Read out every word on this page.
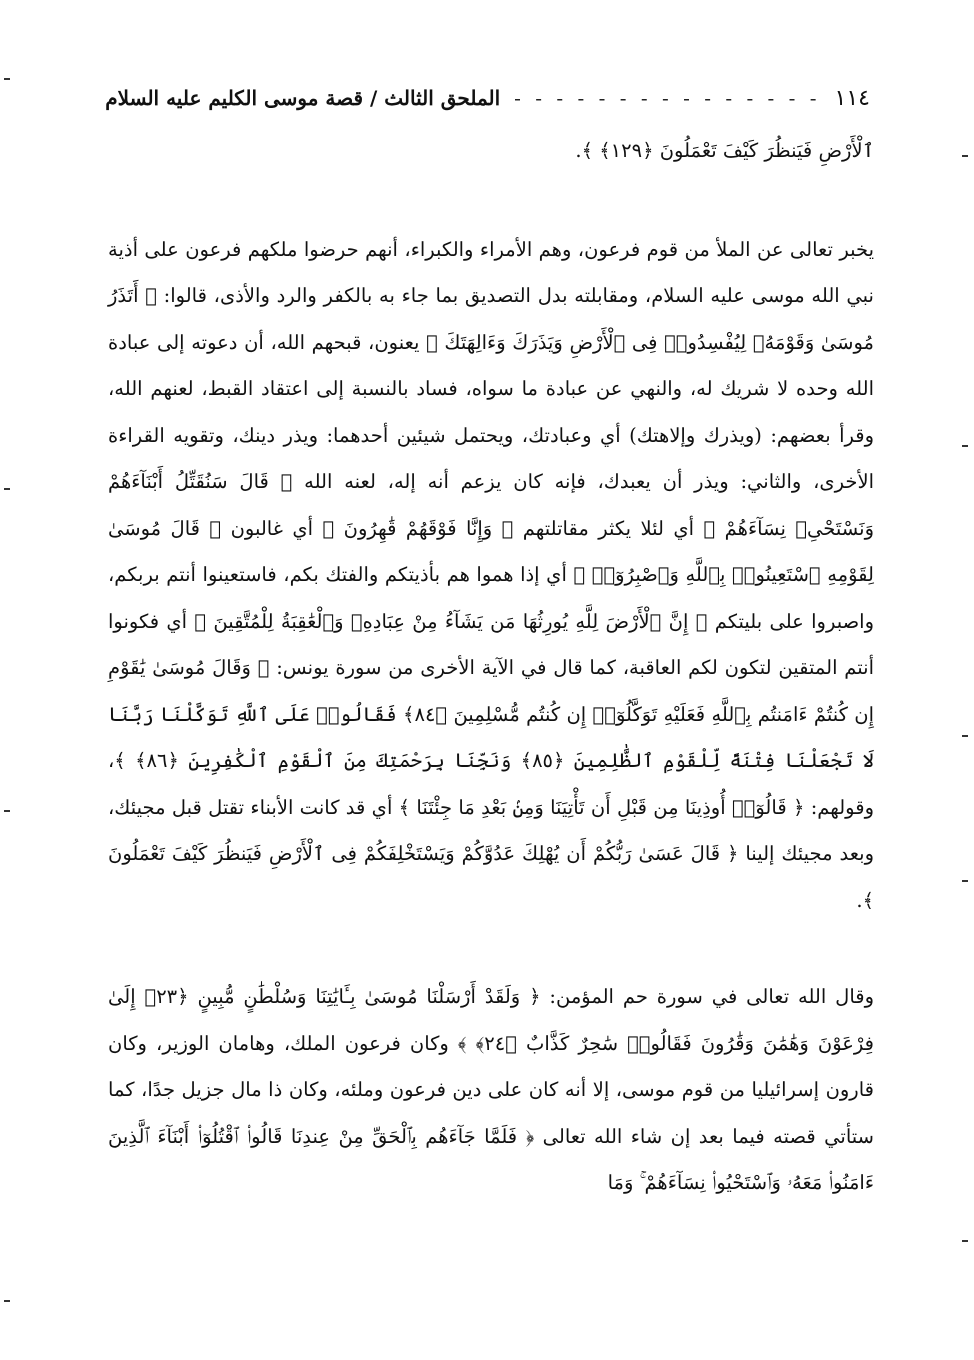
١١٤
- - - - - - - - - - - - - - -
الملحق الثالث / قصة موسى الكليم عليه السلام

ٱلْأَرْضِ فَيَنظُرَ كَيْفَ تَعْمَلُونَ ﴿١٢٩﴾ ﴾.

يخبر تعالى عن الملأ من قوم فرعون، وهم الأمراء والكبراء، أنهم حرضوا ملكهم فرعون على أذية نبي الله موسى عليه السلام، ومقابلته بدل التصديق بما جاء به بالكفر والرد والأذى، قالوا: ﴿ أَتَذَرُ مُوسَىٰ وَقَوْمَهُۥ لِيُفْسِدُوا۟ فِى ٱلْأَرْضِ وَيَذَرَكَ وَءَالِهَتَكَ ﴾ يعنون، قبحهم الله، أن دعوته إلى عبادة الله وحده لا شريك له، والنهي عن عبادة ما سواه، فساد بالنسبة إلى اعتقاد القبط، لعنهم الله، وقرأ بعضهم: (ويذرك وإلاهتك) أي وعبادتك، ويحتمل شيئين أحدهما: ويذر دينك، وتقويه القراءة الأخرى، والثاني: ويذر أن يعبدك، فإنه كان يزعم أنه إله، لعنه الله ﴿ قَالَ سَنُقَتِّلُ أَبْنَآءَهُمْ وَنَسْتَحْىِۦ نِسَآءَهُمْ ﴾ أي لئلا يكثر مقاتلتهم ﴿ وَإِنَّا فَوْقَهُمْ قَٰهِرُونَ ﴾ أي غالبون ﴿ قَالَ مُوسَىٰ لِقَوْمِهِ ٱسْتَعِينُوا۟ بِٱللَّهِ وَٱصْبِرُوٓا۟ ﴾ أي إذا هموا هم بأذيتكم والفتك بكم، فاستعينوا أنتم بربكم، واصبروا على بليتكم ﴿ إِنَّ ٱلْأَرْضَ لِلَّهِ يُورِثُهَا مَن يَشَآءُ مِنْ عِبَادِهِۦ وَٱلْعَٰقِبَةُ لِلْمُتَّقِينَ ﴾ أي فكونوا أنتم المتقين لتكون لكم العاقبة، كما قال في الآية الأخرى من سورة يونس: ﴿ وَقَالَ مُوسَىٰ يَٰقَوْمِ إِن كُنتُمْ ءَامَنتُم بِٱللَّهِ فَعَلَيْهِ تَوَكَّلُوٓا۟ إِن كُنتُم مُّسْلِمِينَ ﴿٨٤﴾ فَقَالُوا۟ عَلَى ٱللَّهِ تَوَكَّلْنَا رَبَّنَا لَا تَجْعَلْنَا فِتْنَةً لِّلْقَوْمِ ٱلظَّٰلِمِينَ ﴿٨٥﴾ وَنَجِّنَا بِرَحْمَتِكَ مِنَ ٱلْقَوْمِ ٱلْكَٰفِرِينَ ﴿٨٦﴾ ﴾، وقولهم: ﴿ قَالُوٓا۟ أُوذِينَا مِن قَبْلِ أَن تَأْتِيَنَا وَمِنۢ بَعْدِ مَا جِئْتَنَا ﴾ أي قد كانت الأبناء تقتل قبل مجيئك، وبعد مجيئك إلينا ﴿ قَالَ عَسَىٰ رَبُّكُمْ أَن يُهْلِكَ عَدُوَّكُمْ وَيَسْتَخْلِفَكُمْ فِى ٱلْأَرْضِ فَيَنظُرَ كَيْفَ تَعْمَلُونَ ﴾.

وقال الله تعالى في سورة حم المؤمن: ﴿ وَلَقَدْ أَرْسَلْنَا مُوسَىٰ بِـَٔايَٰتِنَا وَسُلْطَٰنٍ مُّبِينٍ ﴿٢٣﴾ إِلَىٰ فِرْعَوْنَ وَهَٰمَٰنَ وَقَٰرُونَ فَقَالُوا۟ سَٰحِرٌ كَذَّابٌ ﴿٢٤﴾ ﴾ وكان فرعون الملك، وهامان الوزير، وكان قارون إسرائيليا من قوم موسى، إلا أنه كان على دين فرعون وملئه، وكان ذا مال جزيل جدًا، كما ستأتي قصته فيما بعد إن شاء الله تعالى ﴿ فَلَمَّا جَآءَهُم بِٱلْحَقِّ مِنْ عِندِنَا قَالُوا۟ ٱقْتُلُوٓا۟ أَبْنَآءَ ٱلَّذِينَ ءَامَنُوا۟ مَعَهُۥ وَٱسْتَحْيُوا۟ نِسَآءَهُمْ ۚ وَمَا
